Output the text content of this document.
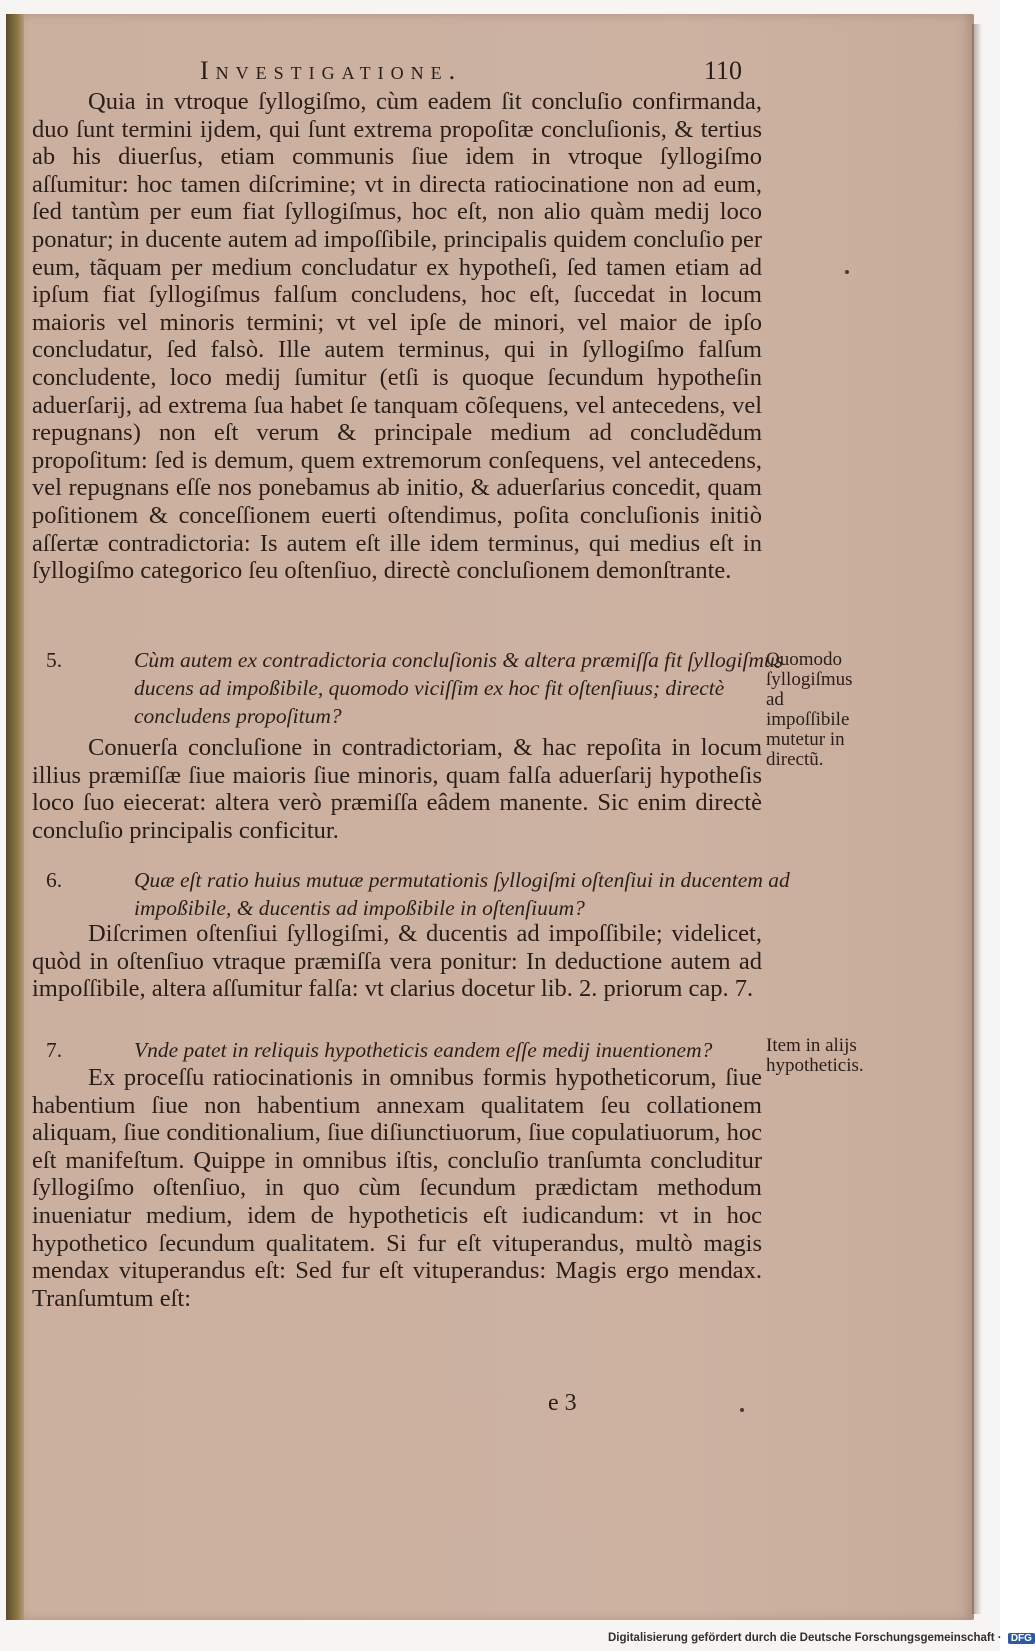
Investigatione.	110

Quia in vtroque ſyllogiſmo, cùm eadem ſit concluſio confirmanda, duo ſunt termini ijdem, qui ſunt extrema propoſitæ concluſionis, & tertius ab his diuerſus, etiam communis ſiue idem in vtroque ſyllogiſmo aſſumitur: hoc tamen diſcrimine; vt in directa ratiocinatione non ad eum, ſed tantùm per eum fiat ſyllogiſmus, hoc eſt, non alio quàm medij loco ponatur; in ducente autem ad impoſſibile, principalis quidem concluſio per eum, tãquam per medium concludatur ex hypotheſi, ſed tamen etiam ad ipſum fiat ſyllogiſmus falſum concludens, hoc eſt, ſuccedat in locum maioris vel minoris termini; vt vel ipſe de minori, vel maior de ipſo concludatur, ſed falsò. Ille autem terminus, qui in ſyllogiſmo falſum concludente, loco medij ſumitur (etſi is quoque ſecundum hypotheſin aduerſarij, ad extrema ſua habet ſe tanquam cõſequens, vel antecedens, vel repugnans) non eſt verum & principale medium ad concludẽdum propoſitum: ſed is demum, quem extremorum conſequens, vel antecedens, vel repugnans eſſe nos ponebamus ab initio, & aduerſarius concedit, quam poſitionem & conceſſionem euerti oſtendimus, poſita concluſionis initiò aſſertæ contradictoria: Is autem eſt ille idem terminus, qui medius eſt in ſyllogiſmo categorico ſeu oſtenſiuo, directè concluſionem demonſtrante.

5.	Cùm autem ex contradictoria concluſionis & altera præmiſſa fit ſyllogiſmus ducens ad impoßibile, quomodo viciſſim ex hoc fit oſtenſiuus; directè concludens propoſitum?

Quomodo ſyllogiſmus ad impoſſibile mutetur in directũ.

Conuerſa concluſione in contradictoriam, & hac repoſita in locum illius præmiſſæ ſiue maioris ſiue minoris, quam falſa aduerſarij hypotheſis loco ſuo eiecerat: altera verò præmiſſa eâdem manente. Sic enim directè concluſio principalis conficitur.

6.	Quæ eſt ratio huius mutuæ permutationis ſyllogiſmi oſtenſiui in ducentem ad impoßibile, & ducentis ad impoßibile in oſtenſiuum?

Diſcrimen oſtenſiui ſyllogiſmi, & ducentis ad impoſſibile; videlicet, quòd in oſtenſiuo vtraque præmiſſa vera ponitur: In deductione autem ad impoſſibile, altera aſſumitur falſa: vt clarius docetur lib. 2. priorum cap. 7.

7.	Vnde patet in reliquis hypotheticis eandem eſſe medij inuentionem?	Item in alijs hypotheticis.

Ex proceſſu ratiocinationis in omnibus formis hypotheticorum, ſiue habentium ſiue non habentium annexam qualitatem ſeu collationem aliquam, ſiue conditionalium, ſiue diſiunctiuorum, ſiue copulatiuorum, hoc eſt manifeſtum. Quippe in omnibus iſtis, concluſio tranſumta concluditur ſyllogiſmo oſtenſiuo, in quo cùm ſecundum prædictam methodum inueniatur medium, idem de hypotheticis eſt iudicandum: vt in hoc hypothetico ſecundum qualitatem. Si fur eſt vituperandus, multò magis mendax vituperandus eſt: Sed fur eſt vituperandus: Magis ergo mendax. Tranſumtum eſt:

e 3
Digitalisierung gefördert durch die Deutsche Forschungsgemeinschaft · DFG
